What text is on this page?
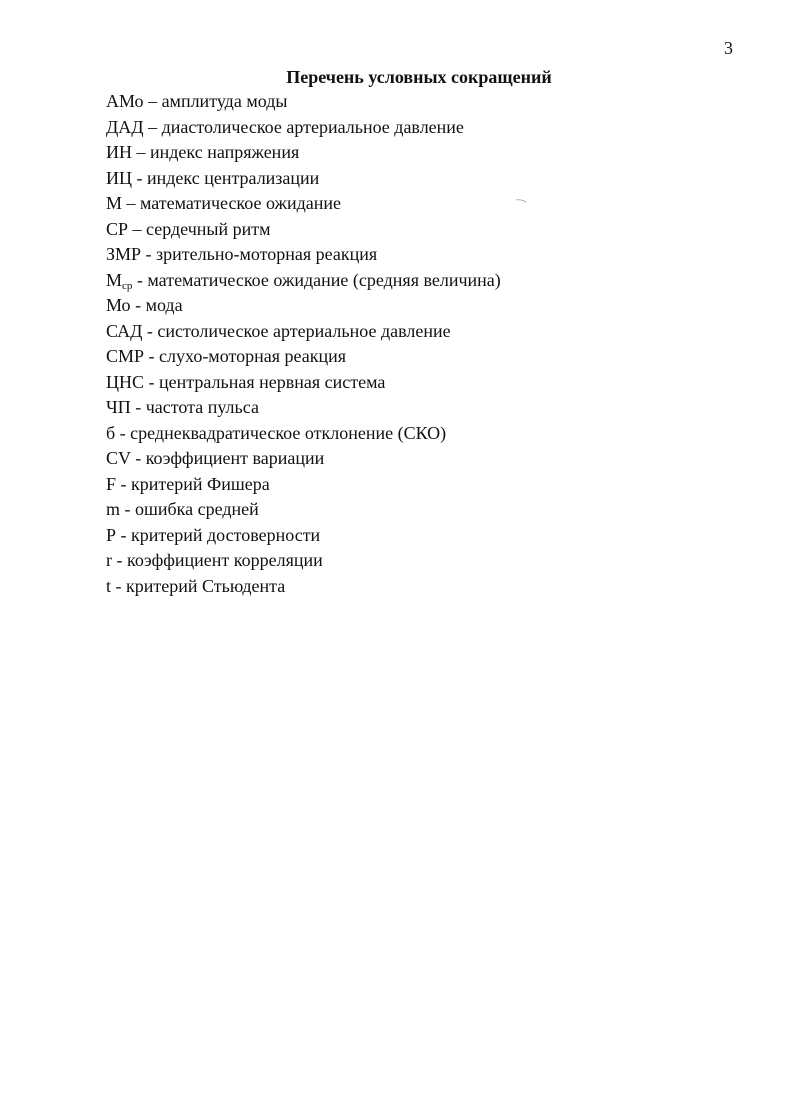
3
Перечень условных сокращений
АМо – амплитуда моды
ДАД – диастолическое артериальное давление
ИН – индекс напряжения
ИЦ - индекс централизации
М – математическое ожидание
СР – сердечный ритм
ЗМР - зрительно-моторная реакция
$М_{ср}$ - математическое ожидание (средняя величина)
Мо - мода
САД - систолическое артериальное давление
СМР - слухо-моторная реакция
ЦНС - центральная нервная система
ЧП - частота пульса
б - среднеквадратическое отклонение (СКО)
CV - коэффициент вариации
F - критерий Фишера
m - ошибка средней
Р - критерий достоверности
r - коэффициент корреляции
t - критерий Стьюдента
